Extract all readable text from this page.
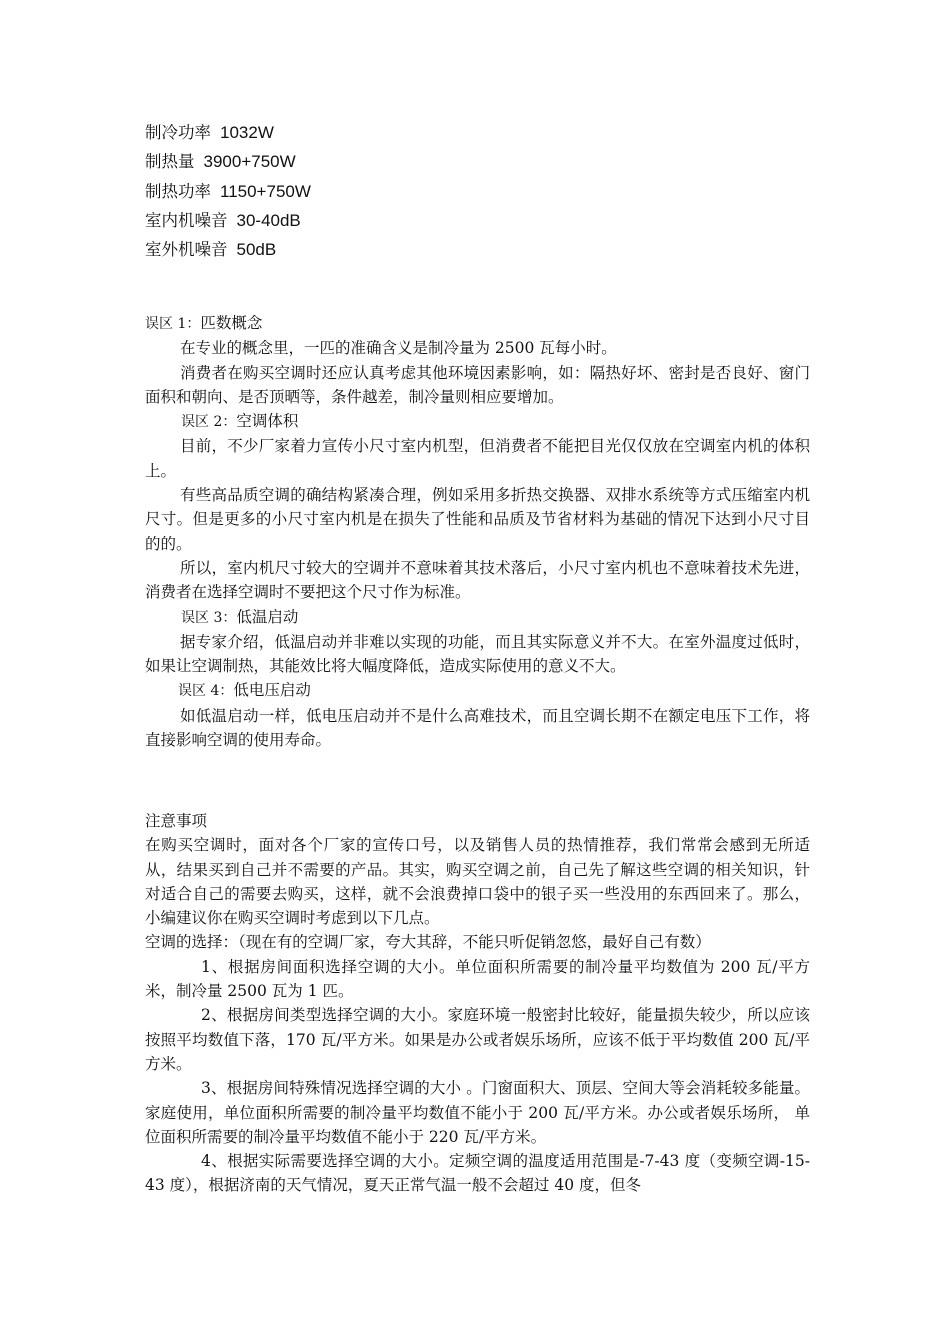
制冷功率 1032W
制热量 3900+750W
制热功率 1150+750W
室内机噪音 30-40dB
室外机噪音 50dB

误区 1：匹数概念

在专业的概念里，一匹的准确含义是制冷量为 2500 瓦每小时。

消费者在购买空调时还应认真考虑其他环境因素影响，如：隔热好坏、密封是否良好、窗门面积和朝向、是否顶晒等，条件越差，制冷量则相应要增加。

误区 2：空调体积

目前，不少厂家着力宣传小尺寸室内机型，但消费者不能把目光仅仅放在空调室内机的体积上。

有些高品质空调的确结构紧凑合理，例如采用多折热交换器、双排水系统等方式压缩室内机尺寸。但是更多的小尺寸室内机是在损失了性能和品质及节省材料为基础的情况下达到小尺寸目的的。

所以，室内机尺寸较大的空调并不意味着其技术落后，小尺寸室内机也不意味着技术先进，消费者在选择空调时不要把这个尺寸作为标准。

误区 3：低温启动

据专家介绍，低温启动并非难以实现的功能，而且其实际意义并不大。在室外温度过低时，如果让空调制热，其能效比将大幅度降低，造成实际使用的意义不大。

误区 4：低电压启动

如低温启动一样，低电压启动并不是什么高难技术，而且空调长期不在额定电压下工作，将直接影响空调的使用寿命。

注意事项

在购买空调时，面对各个厂家的宣传口号，以及销售人员的热情推荐，我们常常会感到无所适从，结果买到自己并不需要的产品。其实，购买空调之前，自己先了解这些空调的相关知识，针对适合自己的需要去购买，这样，就不会浪费掉口袋中的银子买一些没用的东西回来了。那么，小编建议你在购买空调时考虑到以下几点。

空调的选择：（现在有的空调厂家，夸大其辞，不能只听促销忽悠，最好自己有数）

1、根据房间面积选择空调的大小。单位面积所需要的制冷量平均数值为 200 瓦/平方米，制冷量 2500 瓦为 1 匹。

2、根据房间类型选择空调的大小。家庭环境一般密封比较好，能量损失较少，所以应该按照平均数值下落，170 瓦/平方米。如果是办公或者娱乐场所，应该不低于平均数值 200 瓦/平方米。

3、根据房间特殊情况选择空调的大小 。门窗面积大、顶层、空间大等会消耗较多能量。家庭使用，单位面积所需要的制冷量平均数值不能小于 200 瓦/平方米。办公或者娱乐场所， 单位面积所需要的制冷量平均数值不能小于 220 瓦/平方米。

4、根据实际需要选择空调的大小。定频空调的温度适用范围是-7-43 度（变频空调-15-43 度），根据济南的天气情况，夏天正常气温一般不会超过 40 度，但冬
